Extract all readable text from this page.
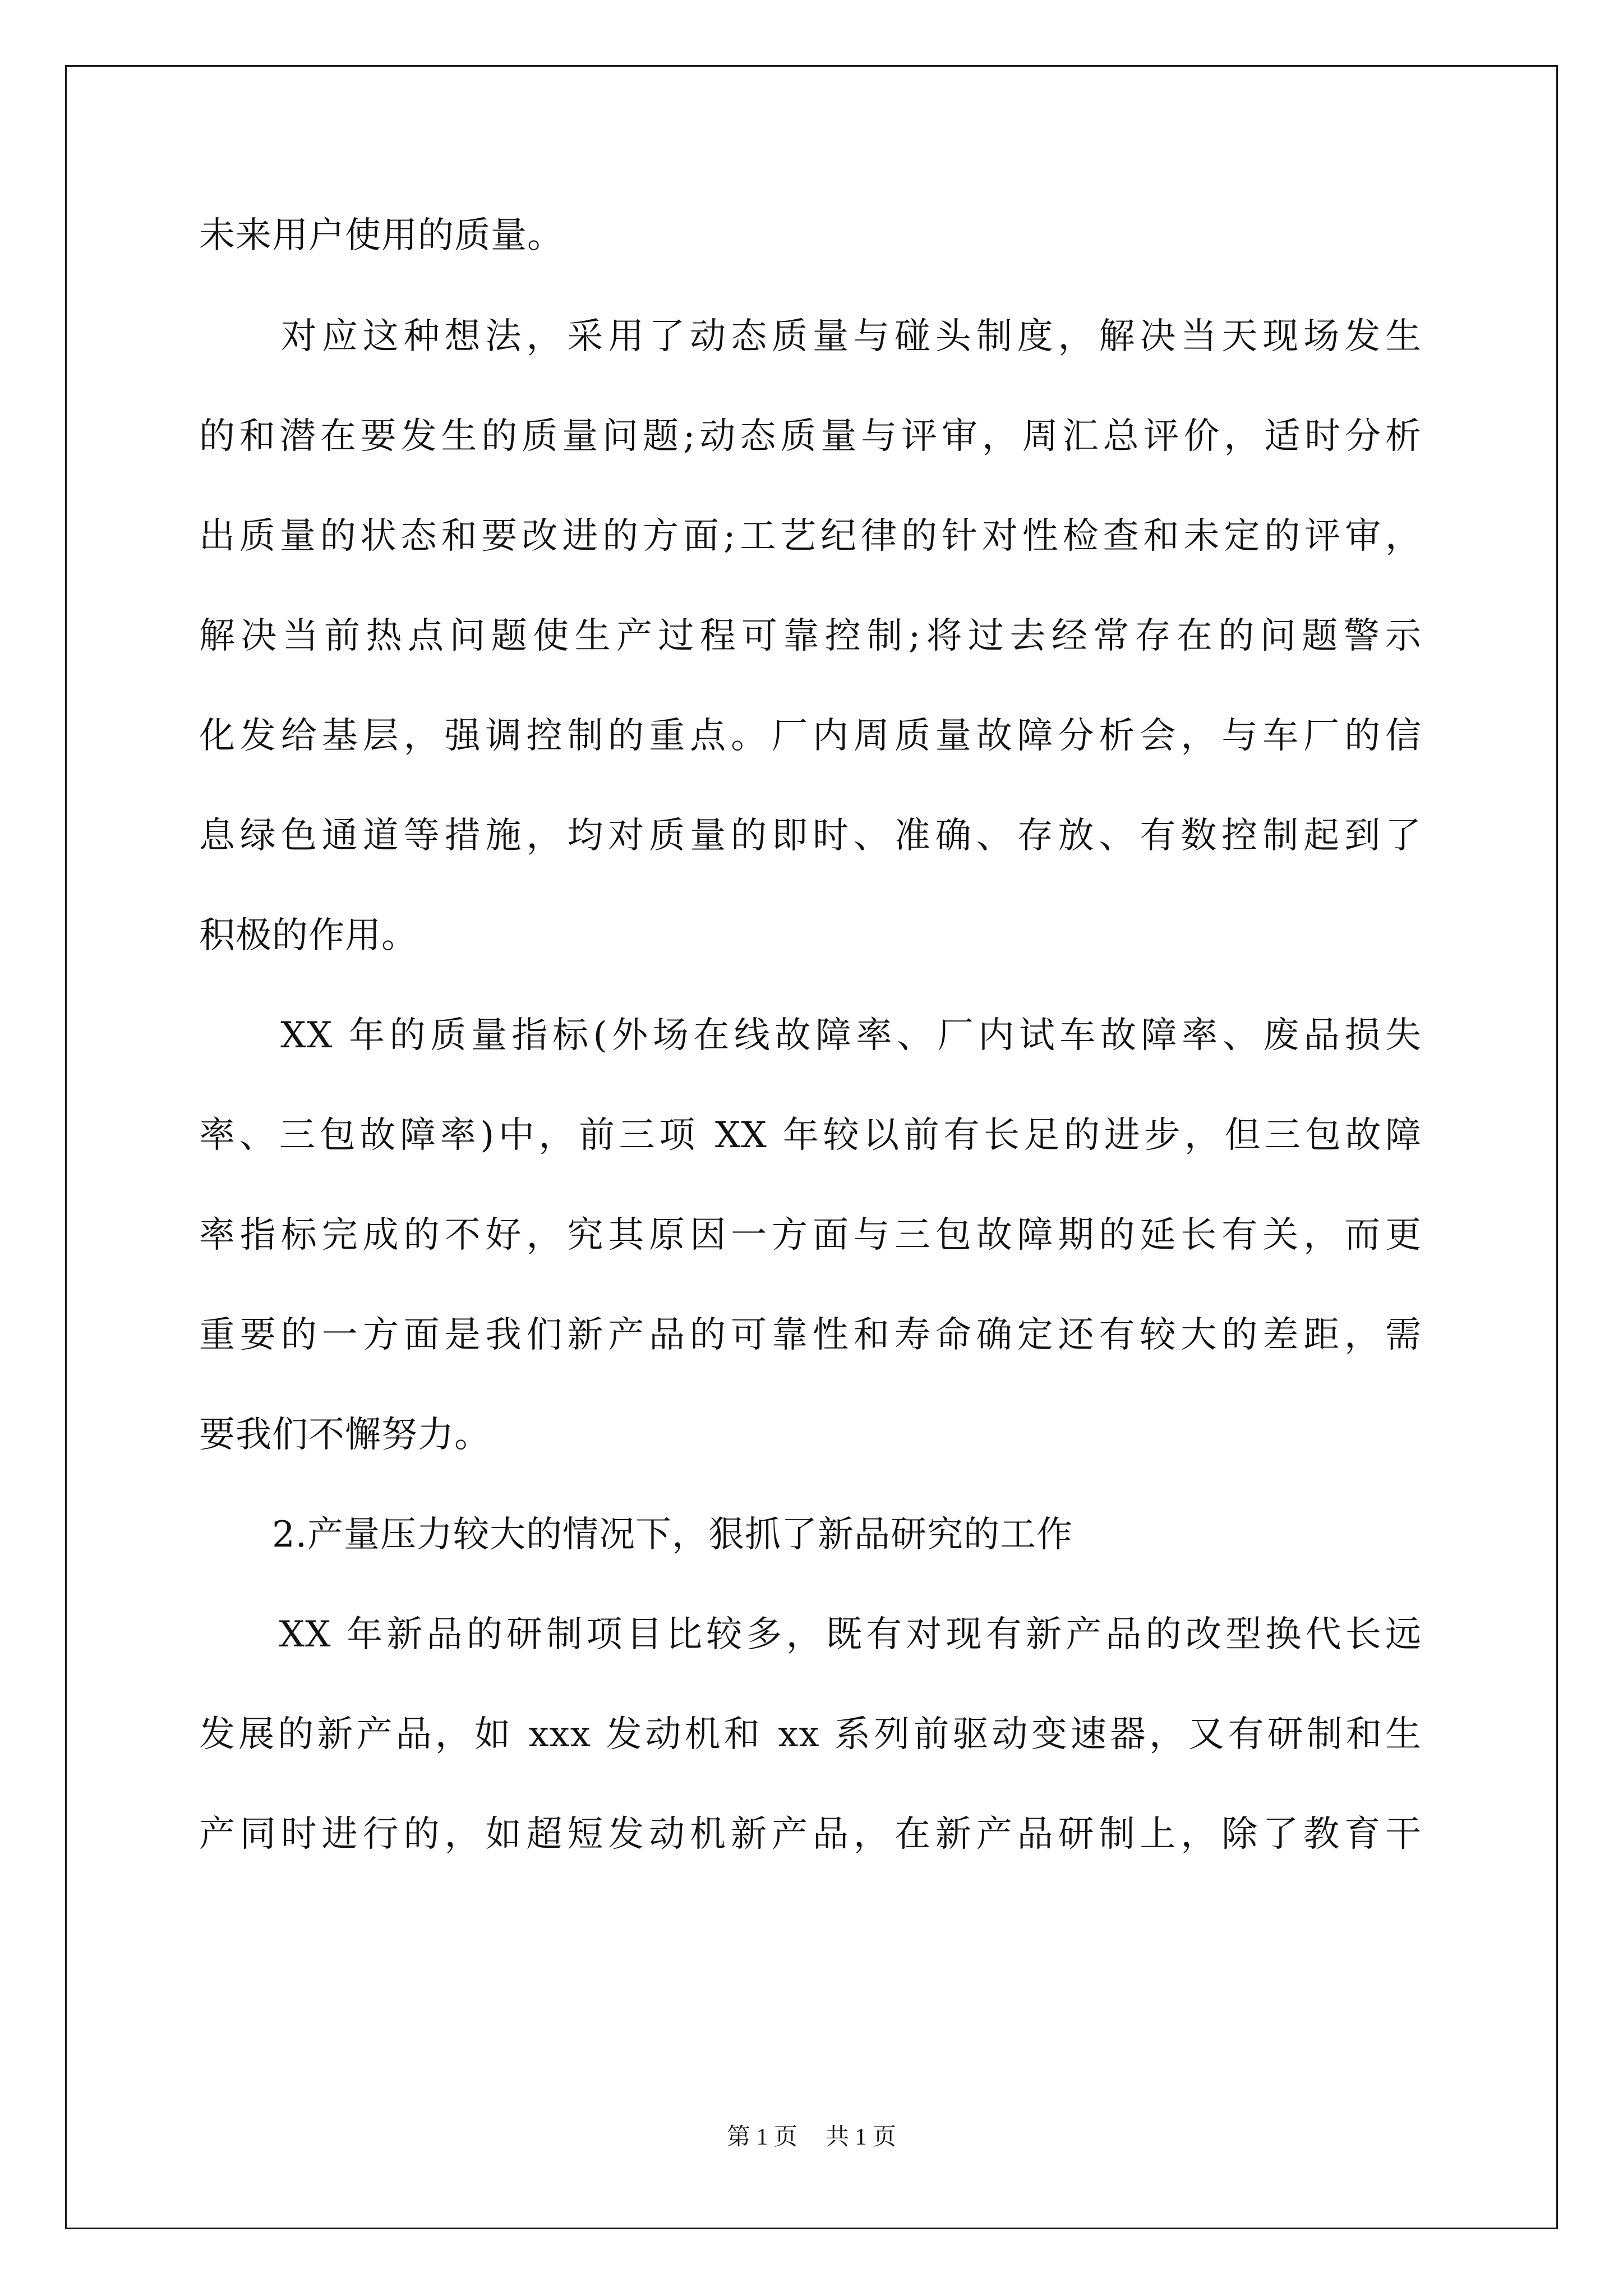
未来用户使用的质量。
　　对应这种想法，采用了动态质量与碰头制度，解决当天现场发生
的和潜在要发生的质量问题;动态质量与评审，周汇总评价，适时分析
出质量的状态和要改进的方面;工艺纪律的针对性检查和未定的评审，
解决当前热点问题使生产过程可靠控制;将过去经常存在的问题警示
化发给基层，强调控制的重点。厂内周质量故障分析会，与车厂的信
息绿色通道等措施，均对质量的即时、准确、存放、有数控制起到了
积极的作用。
　　XX 年的质量指标(外场在线故障率、厂内试车故障率、废品损失
率、三包故障率)中，前三项 XX 年较以前有长足的进步，但三包故障
率指标完成的不好，究其原因一方面与三包故障期的延长有关，而更
重要的一方面是我们新产品的可靠性和寿命确定还有较大的差距，需
要我们不懈努力。
　　2.产量压力较大的情况下，狠抓了新品研究的工作
　　XX 年新品的研制项目比较多，既有对现有新产品的改型换代长远
发展的新产品，如 xxx 发动机和 xx 系列前驱动变速器，又有研制和生
产同时进行的，如超短发动机新产品，在新产品研制上，除了教育干
第 1 页 共 1 页
